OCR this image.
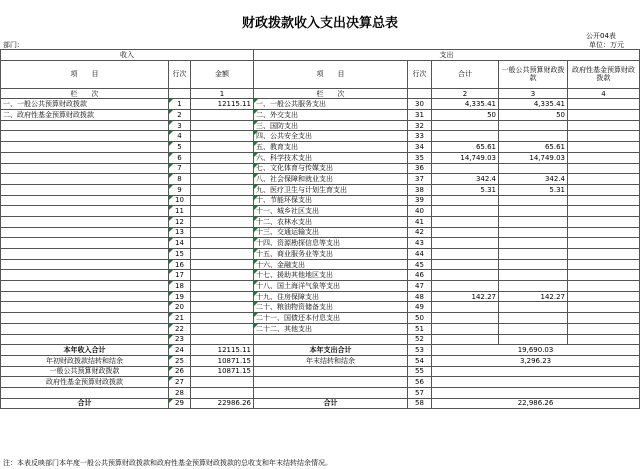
财政拨款收入支出决算总表
公开04表
部门:	单位：万元
收入			支出				
项　　目	行次	金额	项　　目	行次	合计	一般公共预算财政拨款	政府性基金预算财政拨款
栏　　次		1	栏　　次		2	3	4
一、一般公共预算财政拨款	1	12115.11	一、一般公共服务支出	30	4,335.41	4,335.41	
二、政府性基金预算财政拨款	2		二、外交支出	31	50	50	
	3		三、国防支出	32			
	4		四、公共安全支出	33			
	5		五、教育支出	34	65.61	65.61	
	6		六、科学技术支出	35	14,749.03	14,749.03	
	7		七、文化体育与传媒支出	36			
	8		八、社会保障和就业支出	37	342.4	342.4	
	9		九、医疗卫生与计划生育支出	38	5.31	5.31	
	10		十、节能环保支出	39			
	11		十一、城乡社区支出	40			
	12		十二、农林水支出	41			
	13		十三、交通运输支出	42			
	14		十四、资源勘探信息等支出	43			
	15		十五、商业服务业等支出	44			
	16		十六、金融支出	45			
	17		十七、援助其他地区支出	46			
	18		十八、国土海洋气象等支出	47			
	19		十九、住房保障支出	48	142.27	142.27	
	20		二十、粮油物资储备支出	49			
	21		二十一、国债还本付息支出	50			
	22		二十二、其他支出	51			
	23			52			
本年收入合计	24	12115.11	本年支出合计	53	19,690.03		
年初财政拨款结转和结余	25	10871.15	年末结转和结余	54	3,296.23		
一般公共预算财政拨款	26	10871.15		55			
政府性基金预算财政拨款	27			56			
	28			57			
合计	29	22986.26	合计	58	22,986.26		
注：本表反映部门本年度一般公共预算财政拨款和政府性基金预算财政拨款的总收支和年末结转结余情况。
